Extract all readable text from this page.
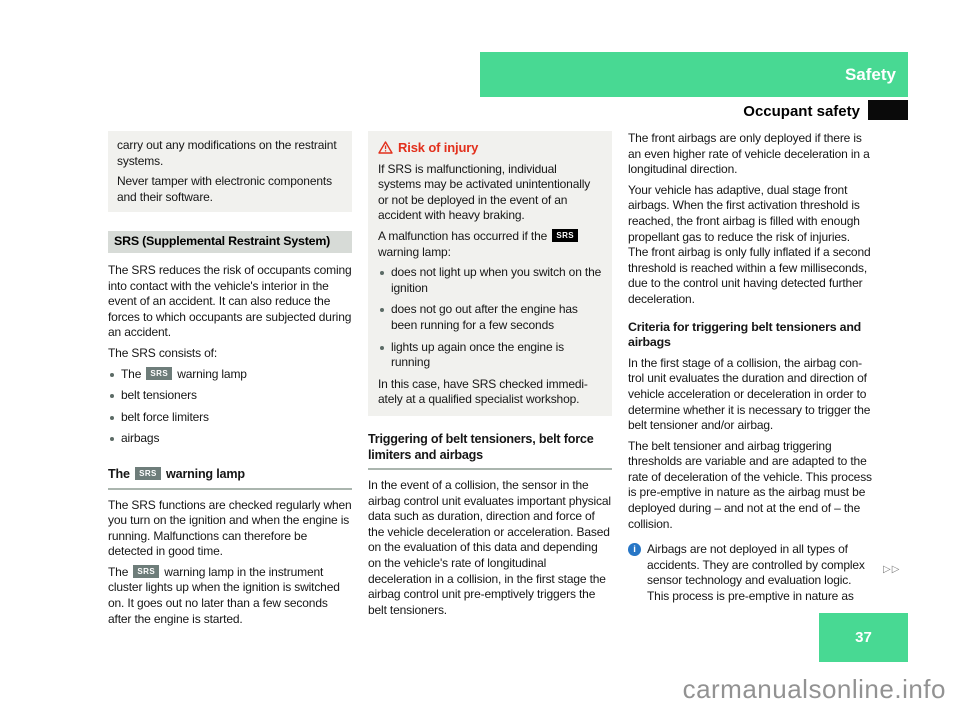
Safety
Occupant safety

carry out any modifications on the restraint systems.

Never tamper with electronic components and their software.

SRS (Supplemental Restraint System)

The SRS reduces the risk of occupants coming into contact with the vehicle's interior in the event of an accident. It can also reduce the forces to which occupants are subjected during an accident.

The SRS consists of:

The SRS warning lamp
belt tensioners
belt force limiters
airbags
The SRS warning lamp

The SRS functions are checked regularly when you turn on the ignition and when the engine is running. Malfunctions can therefore be detected in good time.

The SRS warning lamp in the instrument cluster lights up when the ignition is switched on. It goes out no later than a few seconds after the engine is started.

Risk of injury

If SRS is malfunctioning, individual systems may be activated unintentionally or not be deployed in the event of an accident with heavy braking.

A malfunction has occurred if the SRS warning lamp:

does not light up when you switch on the ignition
does not go out after the engine has been running for a few seconds
lights up again once the engine is running

In this case, have SRS checked immediately at a qualified specialist workshop.

Triggering of belt tensioners, belt force limiters and airbags

In the event of a collision, the sensor in the airbag control unit evaluates important physical data such as duration, direction and force of the vehicle deceleration or acceleration. Based on the evaluation of this data and depending on the vehicle's rate of longitudinal deceleration in a collision, in the first stage the airbag control unit pre-emptively triggers the belt tensioners.

The front airbags are only deployed if there is an even higher rate of vehicle deceleration in a longitudinal direction.

Your vehicle has adaptive, dual stage front airbags. When the first activation threshold is reached, the front airbag is filled with enough propellant gas to reduce the risk of injuries. The front airbag is only fully inflated if a second threshold is reached within a few milliseconds, due to the control unit having detected further deceleration.

Criteria for triggering belt tensioners and airbags

In the first stage of a collision, the airbag control unit evaluates the duration and direction of vehicle acceleration or deceleration in order to determine whether it is necessary to trigger the belt tensioner and/or airbag.

The belt tensioner and airbag triggering thresholds are variable and are adapted to the rate of deceleration of the vehicle. This process is pre-emptive in nature as the airbag must be deployed during – and not at the end of – the collision.

i Airbags are not deployed in all types of accidents. They are controlled by complex sensor technology and evaluation logic. This process is pre-emptive in nature as

▷▷
37
carmanualsonline.info
